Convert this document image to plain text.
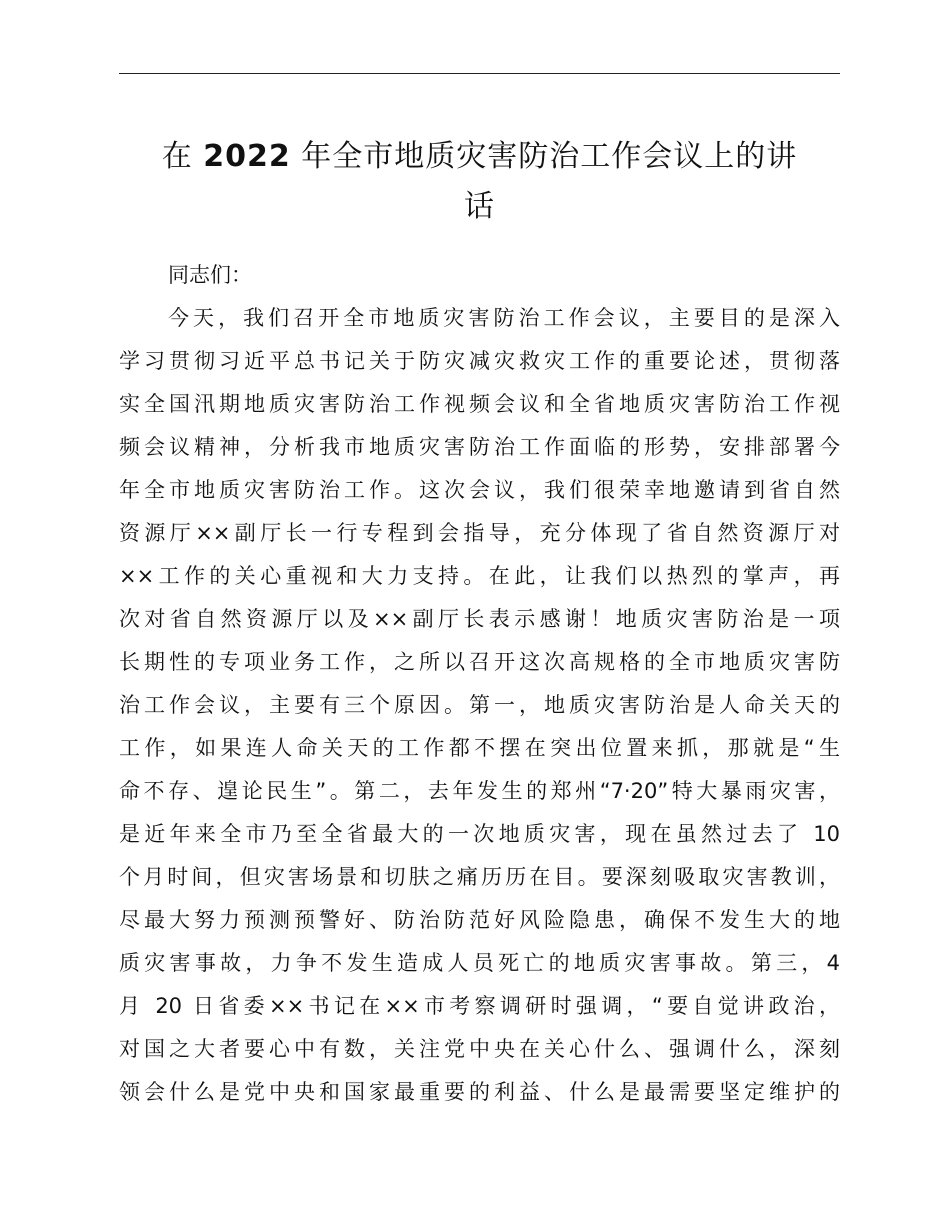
在 2022 年全市地质灾害防治工作会议上的讲
话
同志们：
今天，我们召开全市地质灾害防治工作会议，主要目的是深入
学习贯彻习近平总书记关于防灾减灾救灾工作的重要论述，贯彻落
实全国汛期地质灾害防治工作视频会议和全省地质灾害防治工作视
频会议精神，分析我市地质灾害防治工作面临的形势，安排部署今
年全市地质灾害防治工作。这次会议，我们很荣幸地邀请到省自然
资源厅××副厅长一行专程到会指导，充分体现了省自然资源厅对
××工作的关心重视和大力支持。在此，让我们以热烈的掌声，再
次对省自然资源厅以及××副厅长表示感谢！地质灾害防治是一项
长期性的专项业务工作，之所以召开这次高规格的全市地质灾害防
治工作会议，主要有三个原因。第一，地质灾害防治是人命关天的
工作，如果连人命关天的工作都不摆在突出位置来抓，那就是“生
命不存、遑论民生”。第二，去年发生的郑州“7·20”特大暴雨灾害，
是近年来全市乃至全省最大的一次地质灾害，现在虽然过去了 10
个月时间，但灾害场景和切肤之痛历历在目。要深刻吸取灾害教训，
尽最大努力预测预警好、防治防范好风险隐患，确保不发生大的地
质灾害事故，力争不发生造成人员死亡的地质灾害事故。第三，4
月 20 日省委××书记在××市考察调研时强调，“要自觉讲政治，
对国之大者要心中有数，关注党中央在关心什么、强调什么，深刻
领会什么是党中央和国家最重要的利益、什么是最需要坚定维护的
